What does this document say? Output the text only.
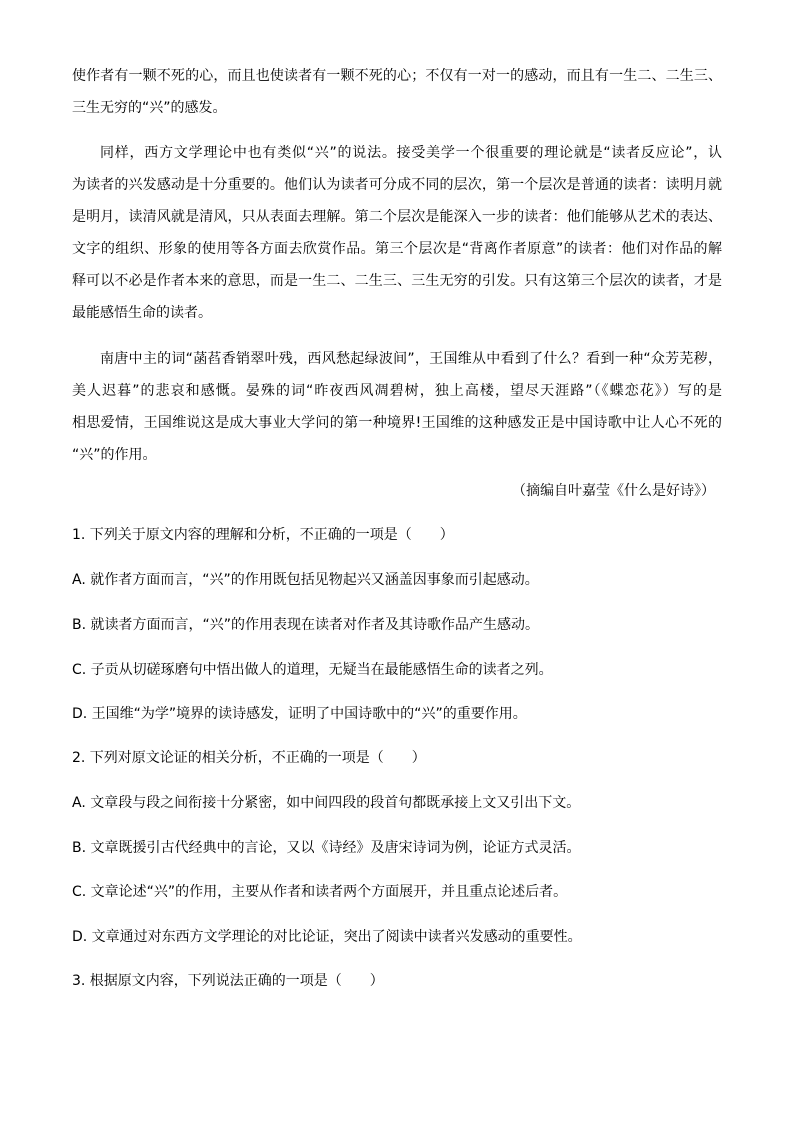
使作者有一颗不死的心，而且也使读者有一颗不死的心；不仅有一对一的感动，而且有一生二、二生三、
三生无穷的“兴”的感发。
同样，西方文学理论中也有类似“兴”的说法。接受美学一个很重要的理论就是“读者反应论”，认
为读者的兴发感动是十分重要的。他们认为读者可分成不同的层次，第一个层次是普通的读者：读明月就
是明月，读清风就是清风，只从表面去理解。第二个层次是能深入一步的读者：他们能够从艺术的表达、
文字的组织、形象的使用等各方面去欣赏作品。第三个层次是“背离作者原意”的读者：他们对作品的解
释可以不必是作者本来的意思，而是一生二、二生三、三生无穷的引发。只有这第三个层次的读者，才是
最能感悟生命的读者。
南唐中主的词“菡萏香销翠叶残，西风愁起绿波间”，王国维从中看到了什么？看到一种“众芳芜秽，
美人迟暮”的悲哀和感慨。晏殊的词“昨夜西风凋碧树，独上高楼，望尽天涯路”（《蝶恋花》）写的是
相思爱情，王国维说这是成大事业大学问的第一种境界!王国维的这种感发正是中国诗歌中让人心不死的
“兴”的作用。
（摘编自叶嘉莹《什么是好诗》）
1. 下列关于原文内容的理解和分析，不正确的一项是（　　）
A. 就作者方面而言，“兴”的作用既包括见物起兴又涵盖因事象而引起感动。
B. 就读者方面而言，“兴”的作用表现在读者对作者及其诗歌作品产生感动。
C. 子贡从切磋琢磨句中悟出做人的道理，无疑当在最能感悟生命的读者之列。
D. 王国维“为学”境界的读诗感发，证明了中国诗歌中的“兴”的重要作用。
2. 下列对原文论证的相关分析，不正确的一项是（　　）
A. 文章段与段之间衔接十分紧密，如中间四段的段首句都既承接上文又引出下文。
B. 文章既援引古代经典中的言论，又以《诗经》及唐宋诗词为例，论证方式灵活。
C. 文章论述“兴”的作用，主要从作者和读者两个方面展开，并且重点论述后者。
D. 文章通过对东西方文学理论的对比论证，突出了阅读中读者兴发感动的重要性。
3. 根据原文内容，下列说法正确的一项是（　　）
